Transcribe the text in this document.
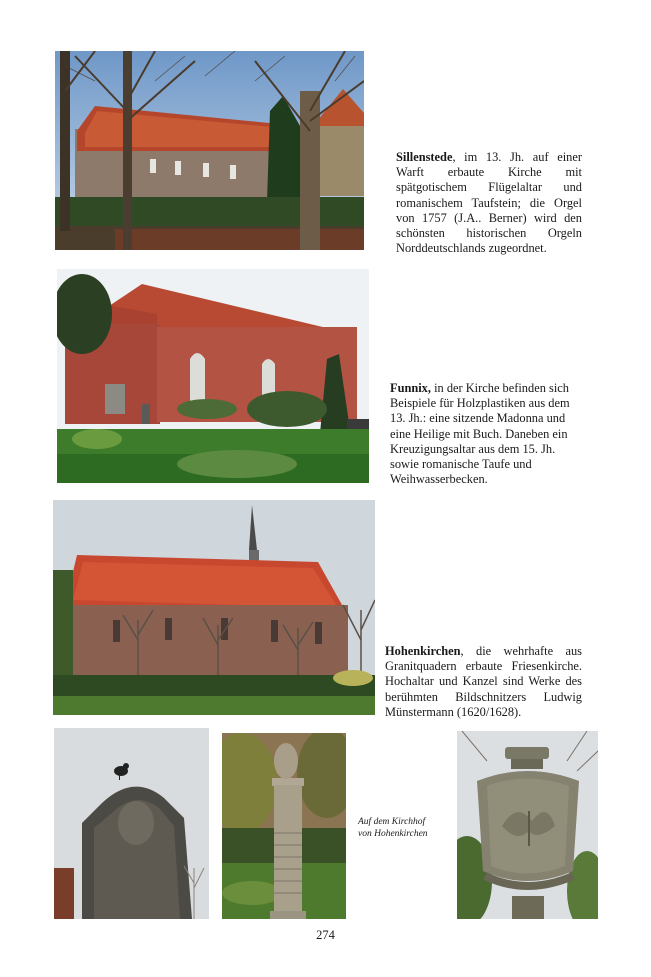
Sillenstede, im 13. Jh. auf einer Warft erbaute Kirche mit spätgotischem Flügelaltar und romanischem Taufstein; die Orgel von 1757 (J.A.. Berner) wird den schönsten historischen Orgeln Norddeutschlands zugeordnet.
Funnix, in der Kirche befinden sich Beispiele für Holzplastiken aus dem 13. Jh.: eine sitzende Madonna und eine Heilige mit Buch. Daneben ein Kreuzigungsaltar aus dem 15. Jh. sowie romanische Taufe und Weihwasserbecken.
Hohenkirchen, die wehrhafte aus Granitquadern erbaute Friesenkirche. Hochaltar und Kanzel sind Werke des berühmten Bildschnitzers Ludwig Münstermann (1620/1628).
Auf dem Kirchhof von Hohenkirchen
274
